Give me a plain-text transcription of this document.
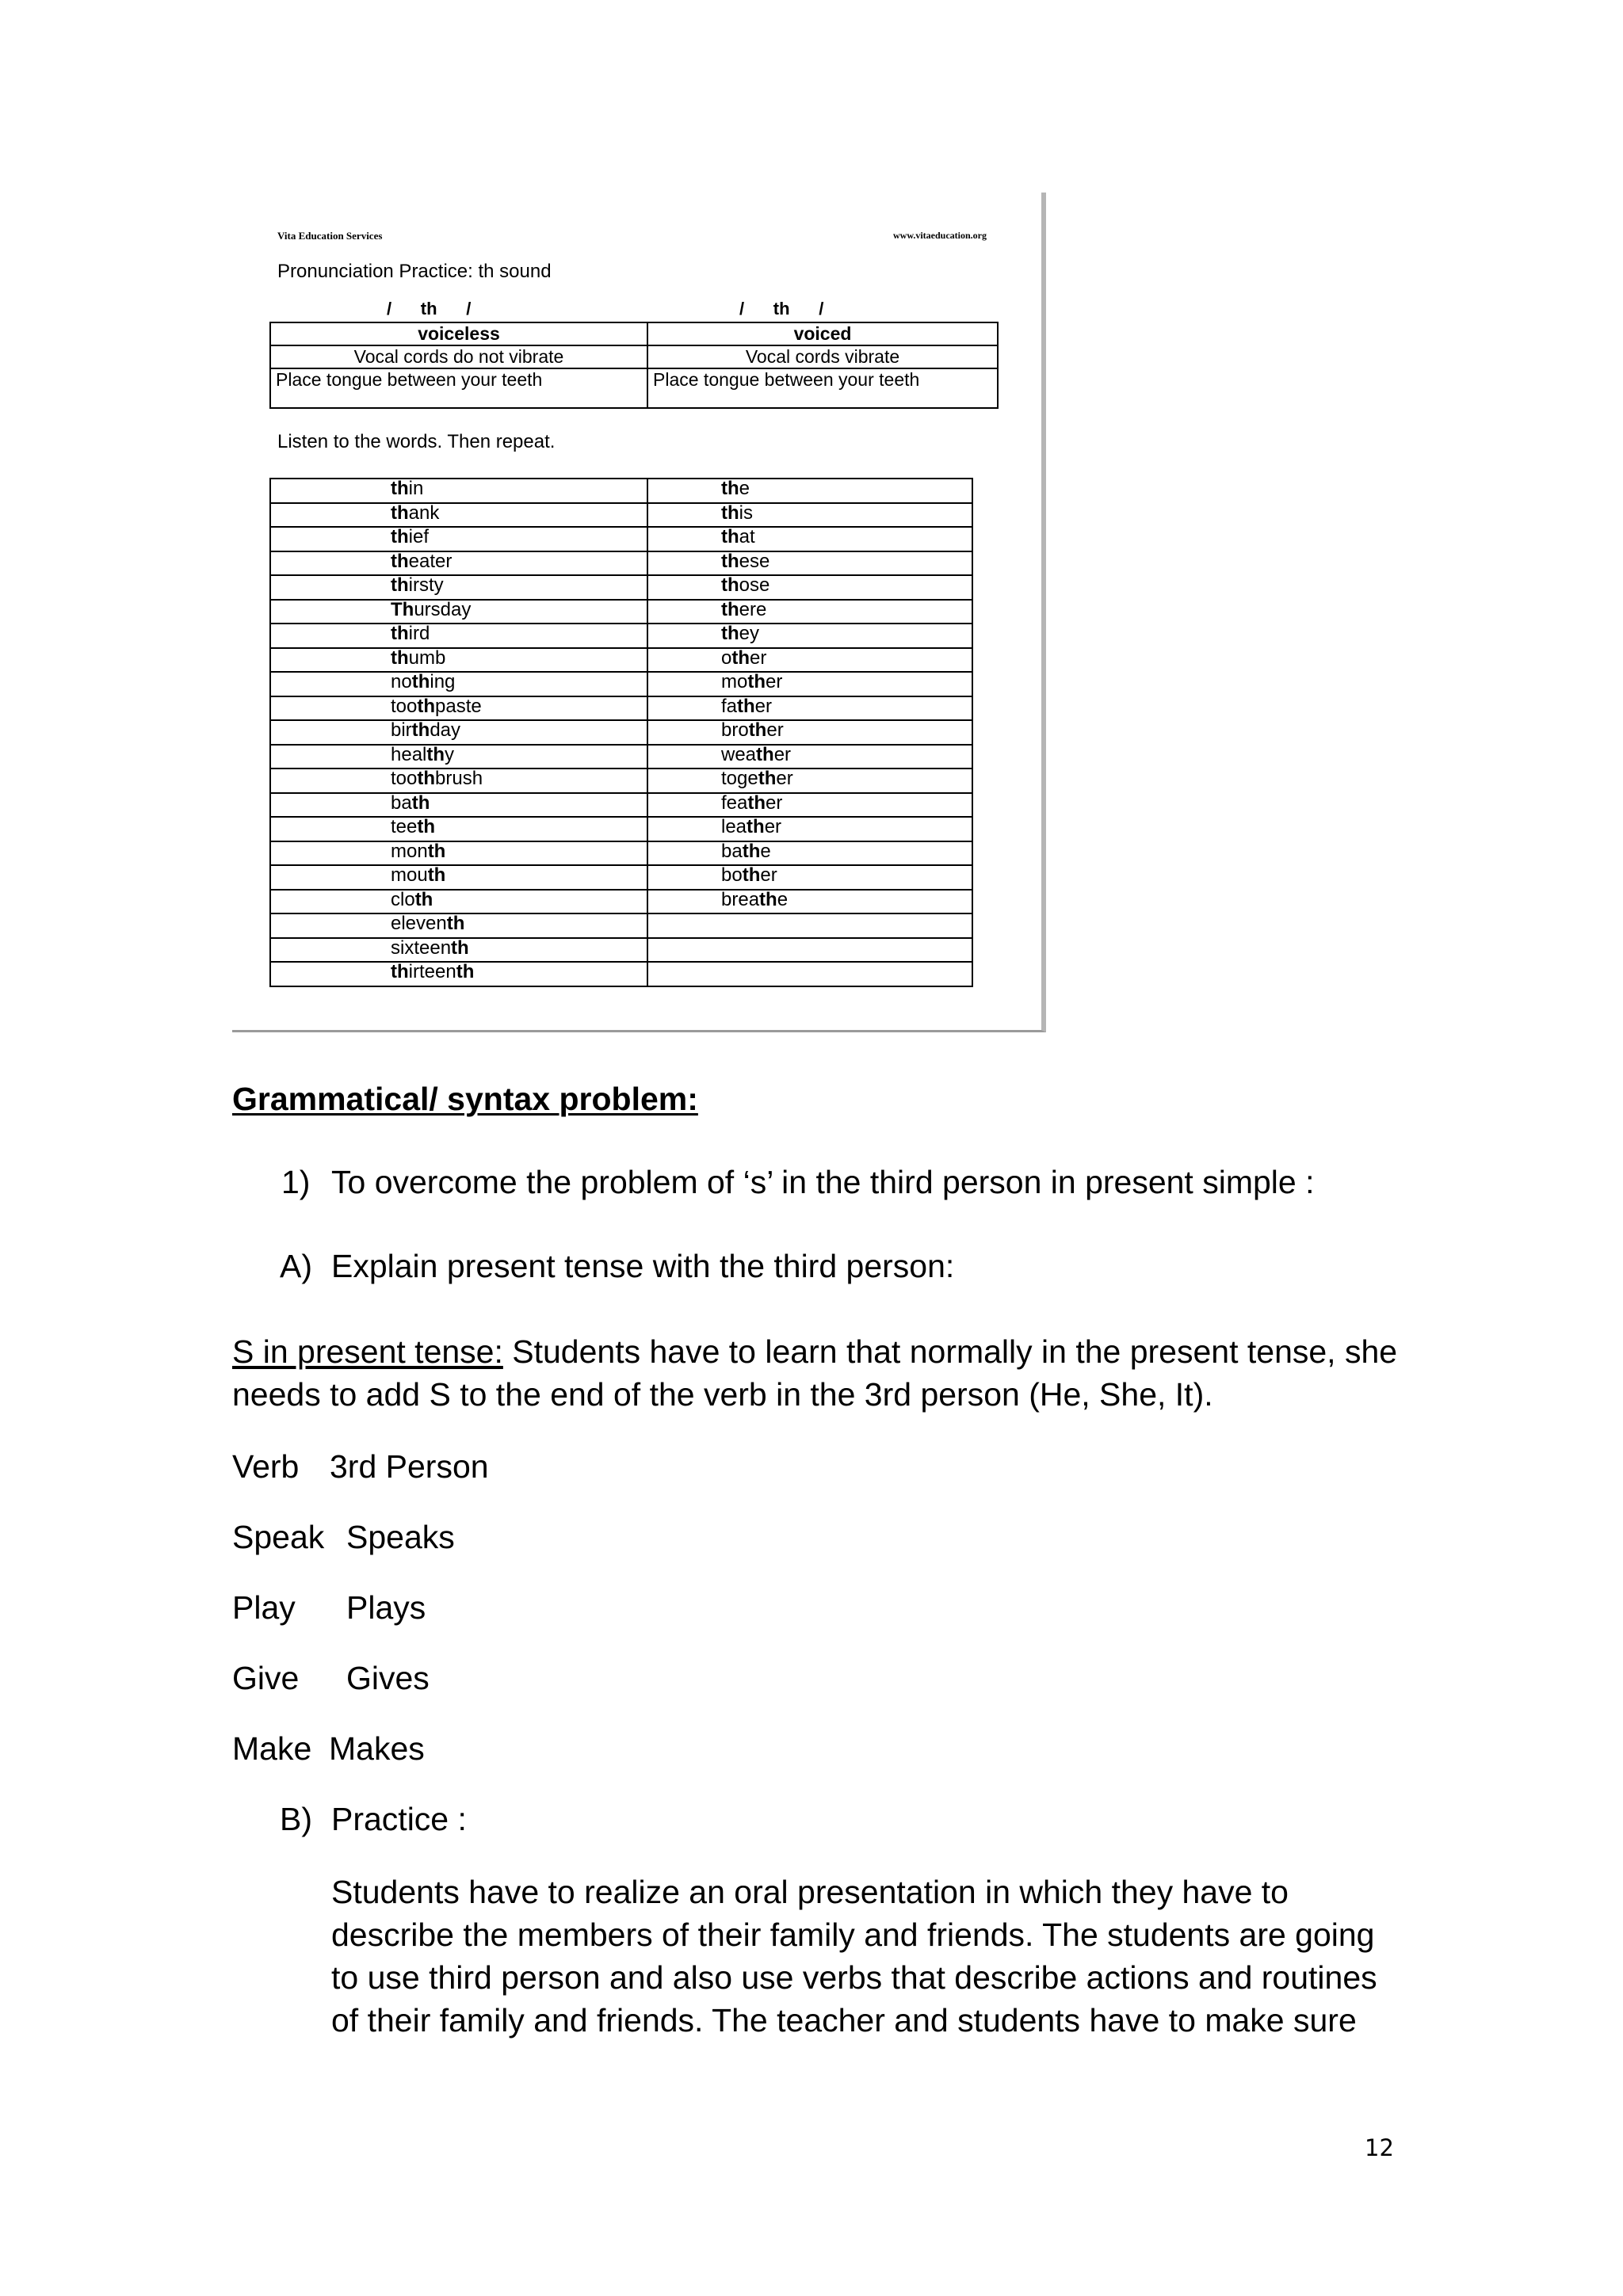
Vita Education Services	www.vitaeducation.org
Pronunciation Practice: th sound
/      th      /	/      th      /
voiceless	voiced
Vocal cords do not vibrate	Vocal cords vibrate
Place tongue between your teeth	Place tongue between your teeth
Listen to the words. Then repeat.
thin	the
thank	this
thief	that
theater	these
thirsty	those
Thursday	there
third	they
thumb	other
nothing	mother
toothpaste	father
birthday	brother
healthy	weather
toothbrush	together
bath	feather
teeth	leather
month	bathe
mouth	bother
cloth	breathe
eleventh	
sixteenth	
thirteenth	
Grammatical/ syntax problem:
1) To overcome the problem of ‘s’ in the third person in present simple :
A) Explain present tense with the third person:
S in present tense: Students have to learn that normally in the present tense, she needs to add S to the end of the verb in the 3rd person (He, She, It).
Verb 3rd Person
Speak Speaks
Play Plays
Give Gives
Make Makes
B) Practice :
Students have to realize an oral presentation in which they have to describe the members of their family and friends. The students are going to use third person and also use verbs that describe actions and routines of their family and friends. The teacher and students have to make sure
12
